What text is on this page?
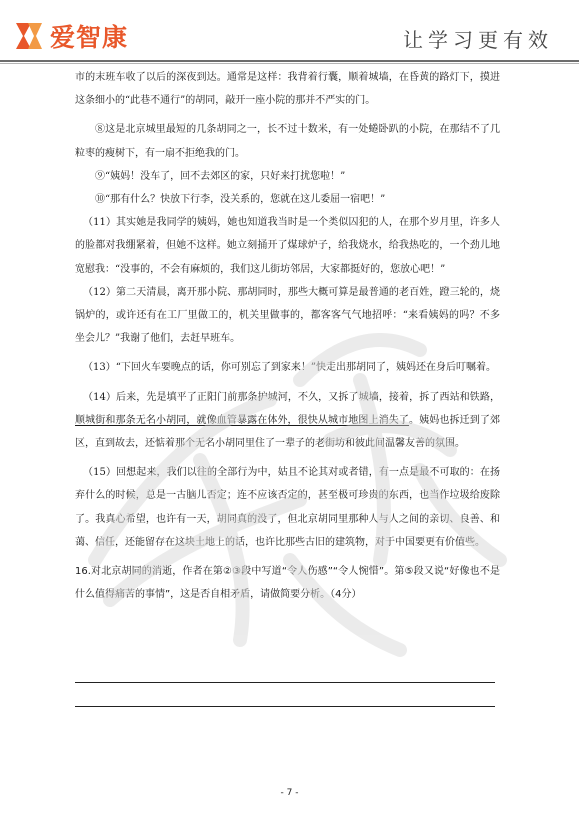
爱智康	让学习更有效

市的末班车收了以后的深夜到达。通常是这样：我背着行囊，顺着城墙，在昏黄的路灯下，摸进这条细小的“此巷不通行”的胡同，敲开一座小院的那并不严实的门。

⑧这是北京城里最短的几条胡同之一，长不过十数米，有一处蜷卧趴的小院，在那结不了几粒枣的瘦树下，有一扇不拒绝我的门。

⑨“姨妈！没车了，回不去郊区的家，只好来打扰您啦！”

⑩“那有什么？快放下行李，没关系的，您就在这儿委屈一宿吧！”

（11）其实她是我同学的姨妈，她也知道我当时是一个类似囚犯的人，在那个岁月里，许多人的脸都对我绷紧着，但她不这样。她立刻捅开了煤球炉子，给我烧水，给我热吃的，一个劲儿地宽慰我：“没事的，不会有麻烦的，我们这儿街坊邻居，大家都挺好的，您放心吧！”

（12）第二天清晨，离开那小院、那胡同时，那些大概可算是最普通的老百姓，蹬三轮的，烧锅炉的，或许还有在工厂里做工的，机关里做事的，都客客气气地招呼：“来看姨妈的吗？不多坐会儿？”我谢了他们，去赶早班车。

（13）“下回火车要晚点的话，你可别忘了到家来！”快走出那胡同了，姨妈还在身后叮嘱着。

（14）后来，先是填平了正阳门前那条护城河，不久，又拆了城墙，接着，拆了西站和铁路，顺城街和那条无名小胡同，就像血管暴露在体外，很快从城市地图上消失了。姨妈也拆迁到了郊区，直到故去，还惦着那个无名小胡同里住了一辈子的老街坊和彼此间温馨友善的氛围。

（15）回想起来，我们以往的全部行为中，姑且不论其对或者错，有一点是最不可取的：在扬弃什么的时候，总是一古脑儿否定；连不应该否定的，甚至极可珍贵的东西，也当作垃圾给废除了。我真心希望，也许有一天，胡同真的没了，但北京胡同里那种人与人之间的亲切、良善、和蔼、信任，还能留存在这块土地上的话，也许比那些古旧的建筑物，对于中国要更有价值些。

16.对北京胡同的消逝，作者在第②③段中写道“令人伤感”“令人惋惜”。第⑤段又说“好像也不是什么值得痛苦的事情”，这是否自相矛盾，请做简要分析。（4分）

- 7 -
